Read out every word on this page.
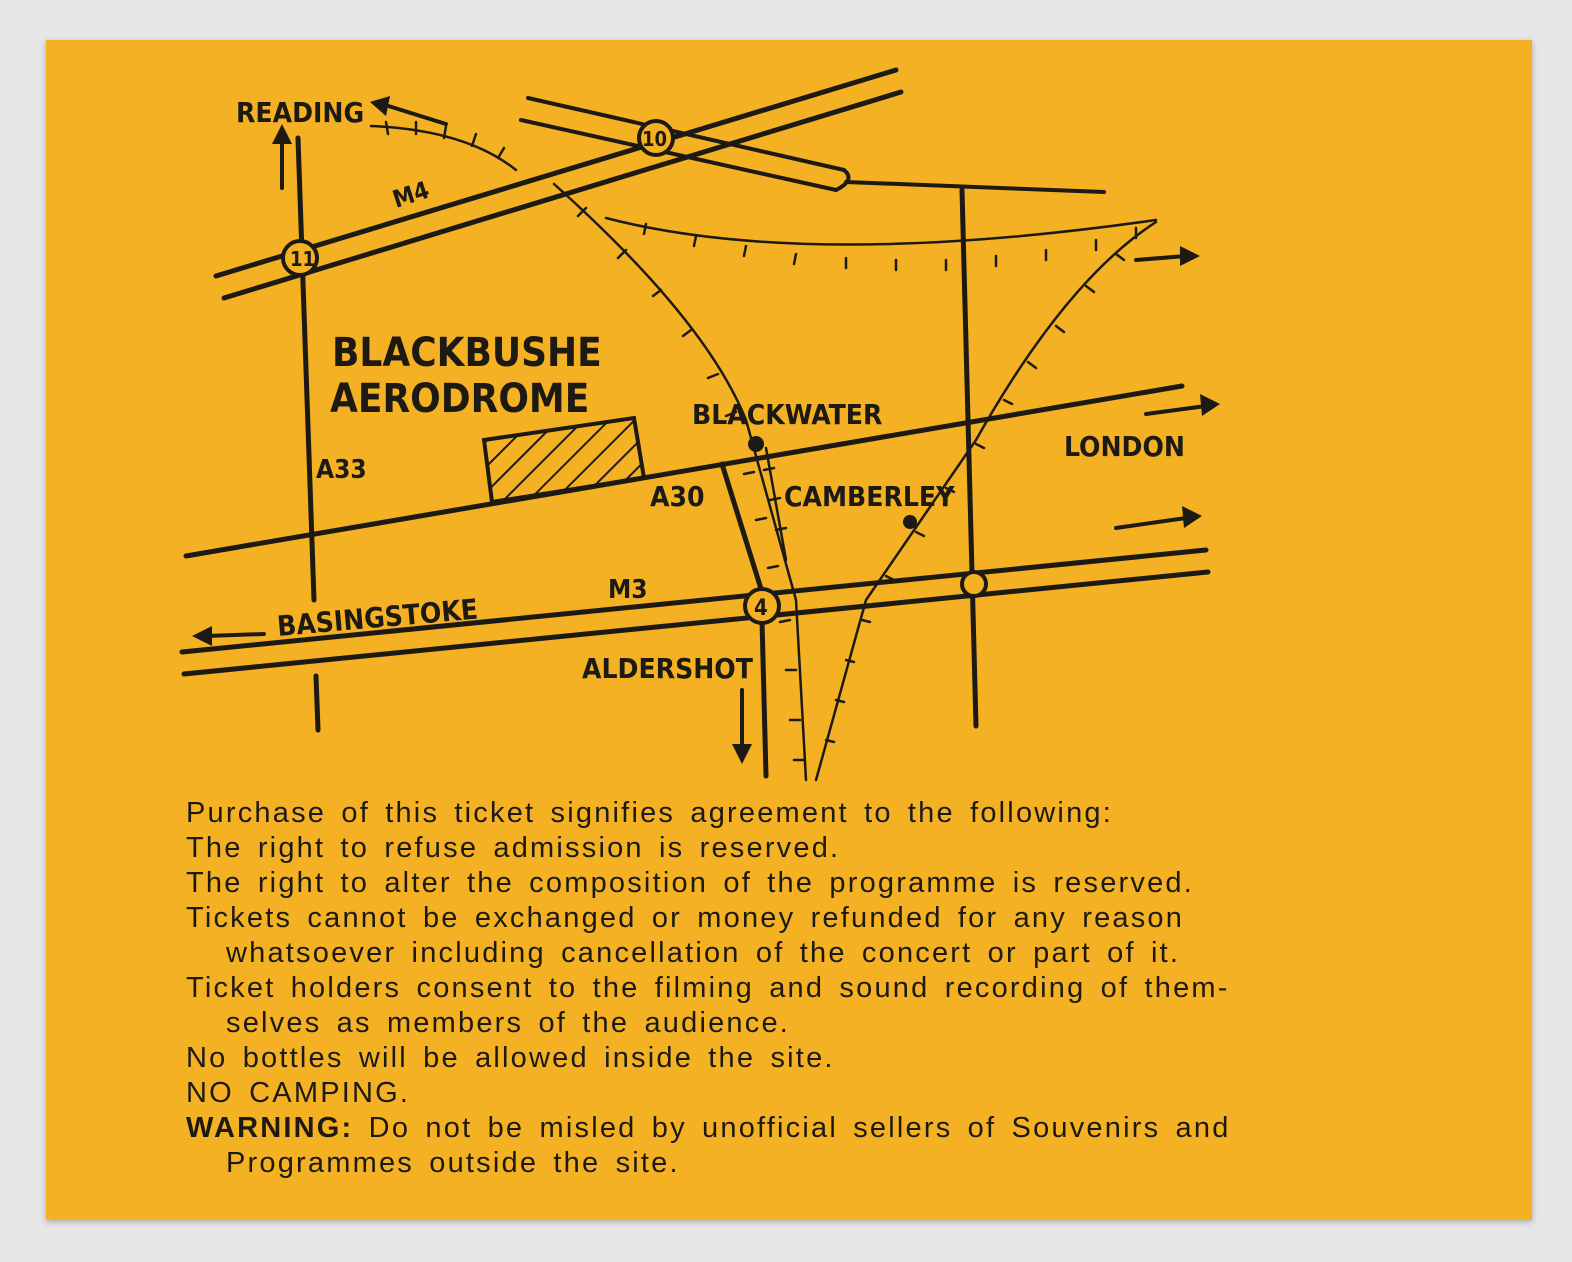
READING
M4
10
11
4
BLACKBUSHE
AERODROME	BLACKWATER
LONDON
A33
A30	CAMBERLEY
M3
BASINGSTOKE
ALDERSHOT
Purchase of this ticket signifies agreement to the following:
The right to refuse admission is reserved.
The right to alter the composition of the programme is reserved.
Tickets cannot be exchanged or money refunded for any reason
whatsoever including cancellation of the concert or part of it.
Ticket holders consent to the filming and sound recording of them-
selves as members of the audience.
No bottles will be allowed inside the site.
NO CAMPING.
WARNING: Do not be misled by unofficial sellers of Souvenirs and
Programmes outside the site.
